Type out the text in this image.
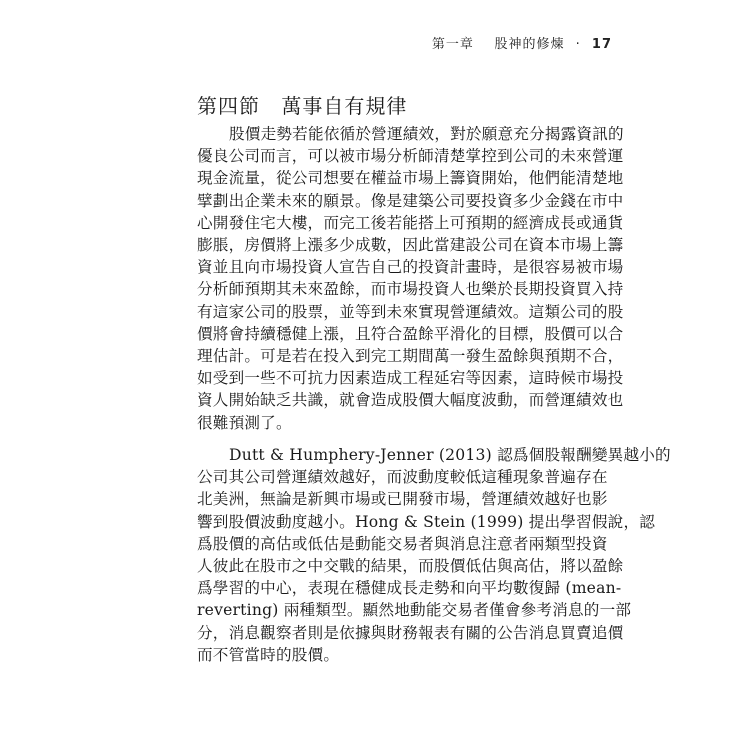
第一章 股神的修煉 · 17
第四節 萬事自有規律
股價走勢若能依循於營運績效，對於願意充分揭露資訊的
優良公司而言，可以被市場分析師清楚掌控到公司的未來營運
現金流量，從公司想要在權益市場上籌資開始，他們能清楚地
擘劃出企業未來的願景。像是建築公司要投資多少金錢在市中
心開發住宅大樓，而完工後若能搭上可預期的經濟成長或通貨
膨脹，房價將上漲多少成數，因此當建設公司在資本市場上籌
資並且向市場投資人宣告自己的投資計畫時，是很容易被市場
分析師預期其未來盈餘，而市場投資人也樂於長期投資買入持
有這家公司的股票，並等到未來實現營運績效。這類公司的股
價將會持續穩健上漲，且符合盈餘平滑化的目標，股價可以合
理估計。可是若在投入到完工期間萬一發生盈餘與預期不合，
如受到一些不可抗力因素造成工程延宕等因素，這時候市場投
資人開始缺乏共識，就會造成股價大幅度波動，而營運績效也
很難預測了。
Dutt & Humphery-Jenner (2013) 認爲個股報酬變異越小的
公司其公司營運績效越好，而波動度較低這種現象普遍存在
北美洲，無論是新興市場或已開發市場，營運績效越好也影
響到股價波動度越小。Hong & Stein (1999) 提出學習假說，認
爲股價的高估或低估是動能交易者與消息注意者兩類型投資
人彼此在股市之中交戰的結果，而股價低估與高估，將以盈餘
爲學習的中心，表現在穩健成長走勢和向平均數復歸 (mean-
reverting) 兩種類型。顯然地動能交易者僅會參考消息的一部
分，消息觀察者則是依據與財務報表有關的公告消息買賣追價
而不管當時的股價。
